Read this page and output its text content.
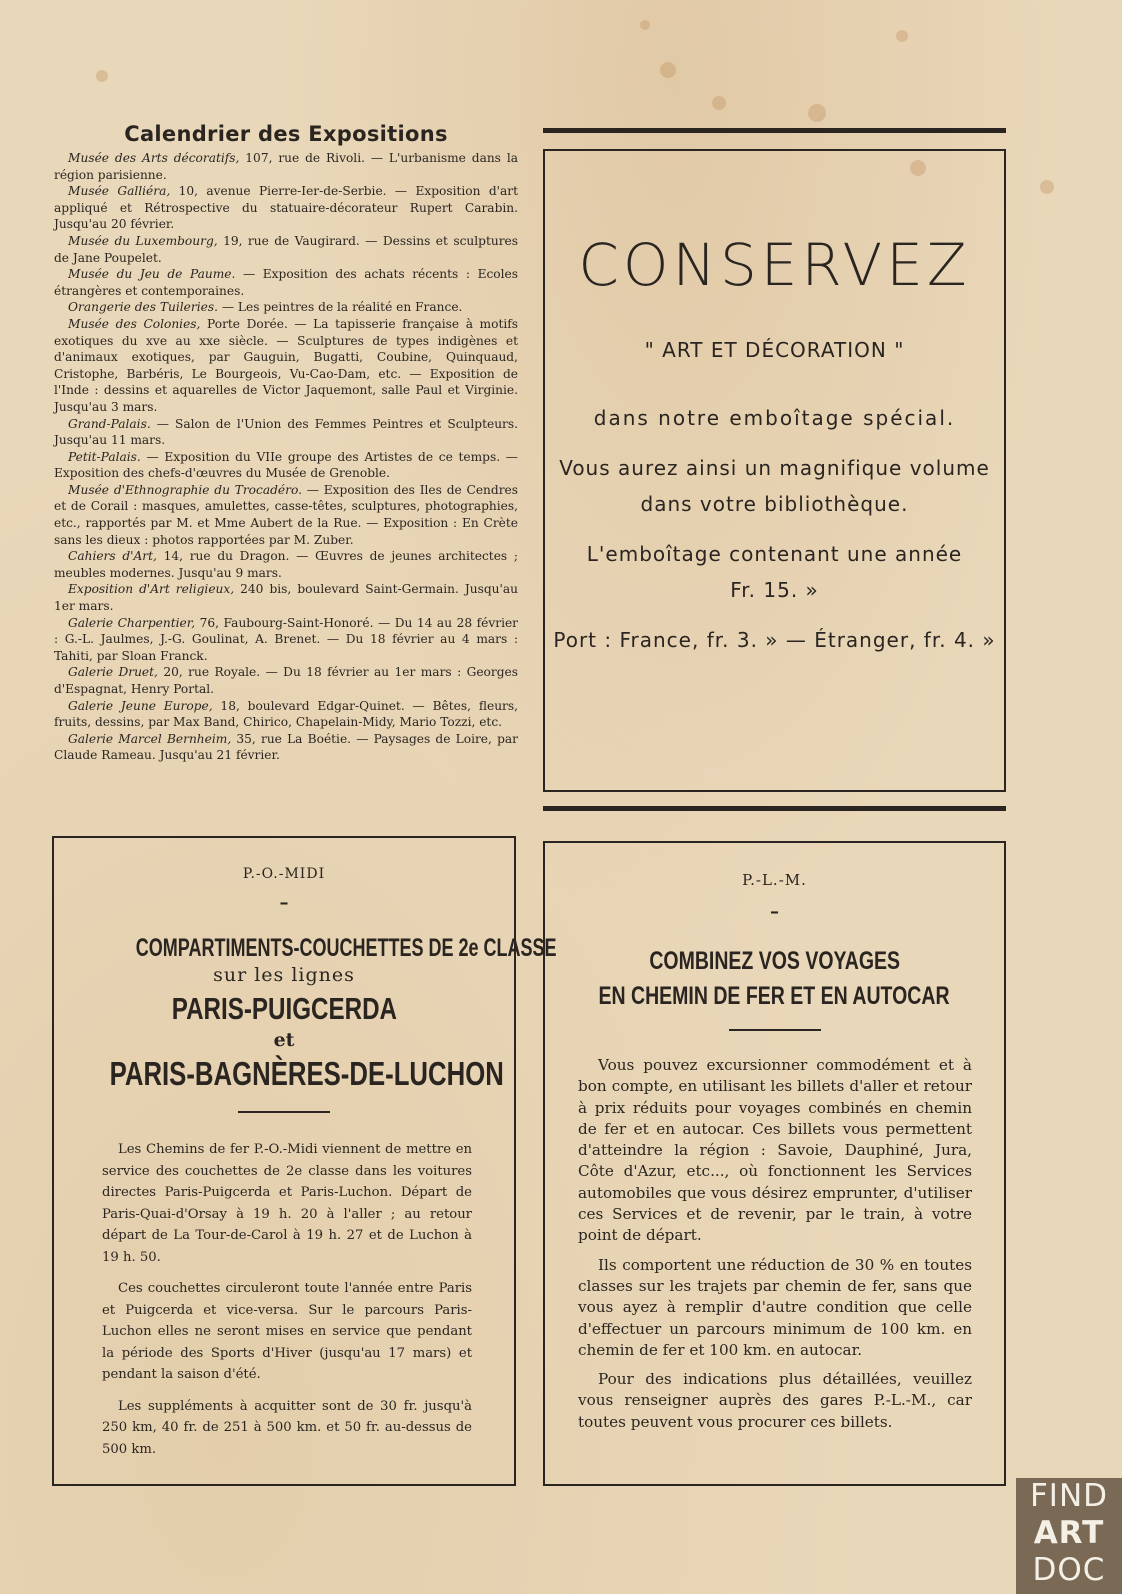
Calendrier des Expositions

Musée des Arts décoratifs, 107, rue de Rivoli. — L'urbanisme dans la région parisienne.

Musée Galliéra, 10, avenue Pierre-Ier-de-Serbie. — Exposition d'art appliqué et Rétrospective du statuaire-décorateur Rupert Carabin. Jusqu'au 20 février.

Musée du Luxembourg, 19, rue de Vaugirard. — Dessins et sculptures de Jane Poupelet.

Musée du Jeu de Paume. — Exposition des achats récents : Ecoles étrangères et contemporaines.

Orangerie des Tuileries. — Les peintres de la réalité en France.

Musée des Colonies, Porte Dorée. — La tapisserie française à motifs exotiques du xve au xxe siècle. — Sculptures de types indigènes et d'animaux exotiques, par Gauguin, Bugatti, Coubine, Quinquaud, Cristophe, Barbéris, Le Bourgeois, Vu-Cao-Dam, etc. — Exposition de l'Inde : dessins et aquarelles de Victor Jaquemont, salle Paul et Virginie. Jusqu'au 3 mars.

Grand-Palais. — Salon de l'Union des Femmes Peintres et Sculpteurs. Jusqu'au 11 mars.

Petit-Palais. — Exposition du VIIe groupe des Artistes de ce temps. — Exposition des chefs-d'œuvres du Musée de Grenoble.

Musée d'Ethnographie du Trocadéro. — Exposition des Iles de Cendres et de Corail : masques, amulettes, casse-têtes, sculptures, photographies, etc., rapportés par M. et Mme Aubert de la Rue. — Exposition : En Crète sans les dieux : photos rapportées par M. Zuber.

Cahiers d'Art, 14, rue du Dragon. — Œuvres de jeunes architectes ; meubles modernes. Jusqu'au 9 mars.

Exposition d'Art religieux, 240 bis, boulevard Saint-Germain. Jusqu'au 1er mars.

Galerie Charpentier, 76, Faubourg-Saint-Honoré. — Du 14 au 28 février : G.-L. Jaulmes, J.-G. Goulinat, A. Brenet. — Du 18 février au 4 mars : Tahiti, par Sloan Franck.

Galerie Druet, 20, rue Royale. — Du 18 février au 1er mars : Georges d'Espagnat, Henry Portal.

Galerie Jeune Europe, 18, boulevard Edgar-Quinet. — Bêtes, fleurs, fruits, dessins, par Max Band, Chirico, Chapelain-Midy, Mario Tozzi, etc.

Galerie Marcel Bernheim, 35, rue La Boétie. — Paysages de Loire, par Claude Rameau. Jusqu'au 21 février.

CONSERVEZ
" ART ET DÉCORATION "
dans notre emboîtage spécial.
Vous aurez ainsi un magnifique volume
dans votre bibliothèque.
L'emboîtage contenant une année
Fr. 15. »
Port : France, fr. 3. » — Étranger, fr. 4. »
P.-O.-MIDI
–
COMPARTIMENTS-COUCHETTES DE 2e CLASSE
sur les lignes
PARIS-PUIGCERDA
et
PARIS-BAGNÈRES-DE-LUCHON

Les Chemins de fer P.-O.-Midi viennent de mettre en service des couchettes de 2e classe dans les voitures directes Paris-Puigcerda et Paris-Luchon. Départ de Paris-Quai-d'Orsay à 19 h. 20 à l'aller ; au retour départ de La Tour-de-Carol à 19 h. 27 et de Luchon à 19 h. 50.

Ces couchettes circuleront toute l'année entre Paris et Puigcerda et vice-versa. Sur le parcours Paris-Luchon elles ne seront mises en service que pendant la période des Sports d'Hiver (jusqu'au 17 mars) et pendant la saison d'été.

Les suppléments à acquitter sont de 30 fr. jusqu'à 250 km, 40 fr. de 251 à 500 km. et 50 fr. au-dessus de 500 km.

P.-L.-M.
–
COMBINEZ VOS VOYAGES
EN CHEMIN DE FER ET EN AUTOCAR

Vous pouvez excursionner commodément et à bon compte, en utilisant les billets d'aller et retour à prix réduits pour voyages combinés en chemin de fer et en autocar. Ces billets vous permettent d'atteindre la région : Savoie, Dauphiné, Jura, Côte d'Azur, etc..., où fonctionnent les Services automobiles que vous désirez emprunter, d'utiliser ces Services et de revenir, par le train, à votre point de départ.

Ils comportent une réduction de 30 % en toutes classes sur les trajets par chemin de fer, sans que vous ayez à remplir d'autre condition que celle d'effectuer un parcours minimum de 100 km. en chemin de fer et 100 km. en autocar.

Pour des indications plus détaillées, veuillez vous renseigner auprès des gares P.-L.-M., car toutes peuvent vous procurer ces billets.

FIND
ART
DOC
